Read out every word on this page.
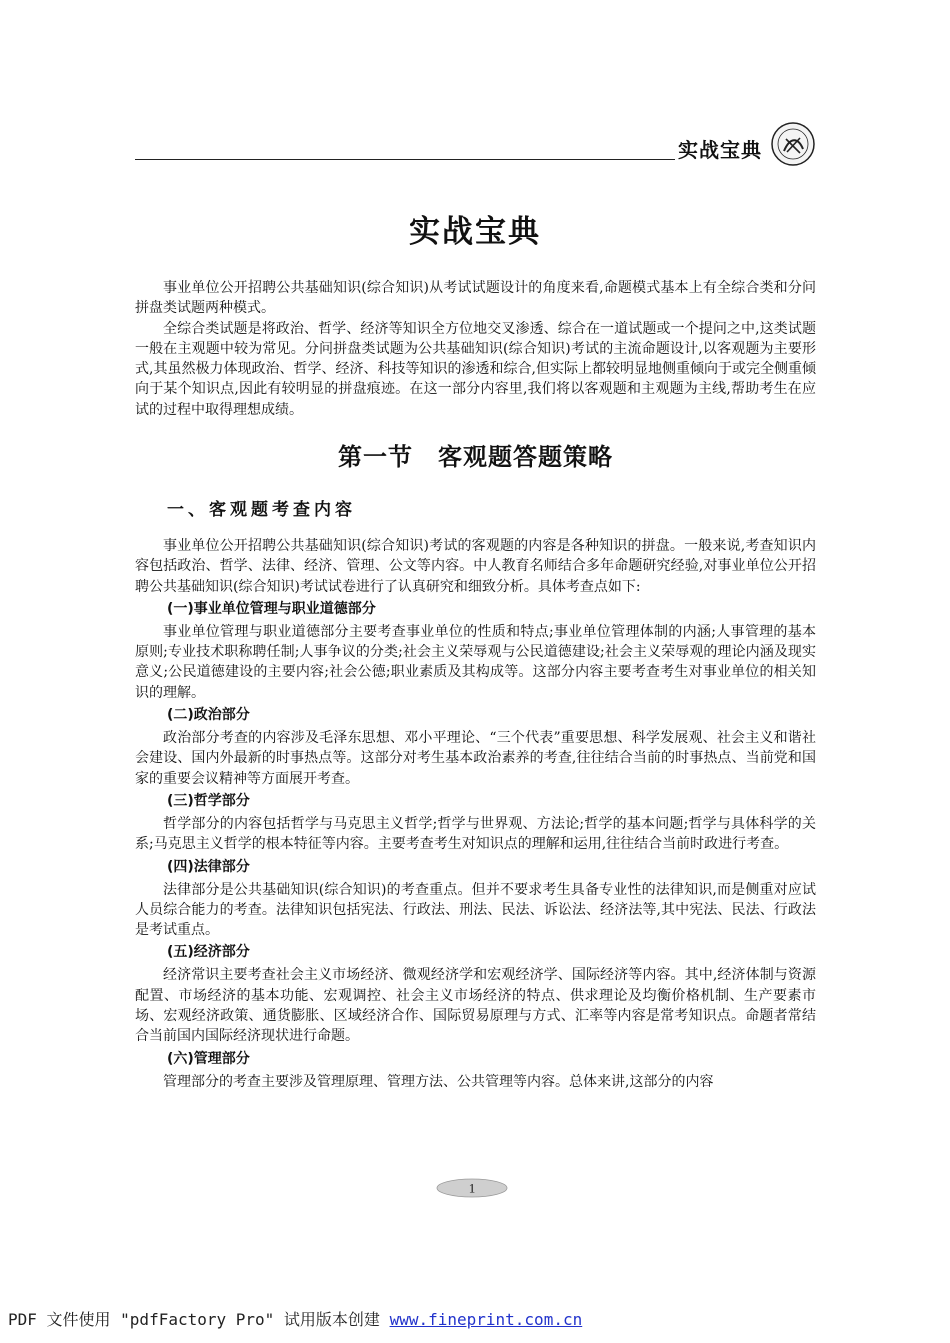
实战宝典
实战宝典

事业单位公开招聘公共基础知识(综合知识)从考试试题设计的角度来看,命题模式基本上有全综合类和分问拼盘类试题两种模式。

全综合类试题是将政治、哲学、经济等知识全方位地交叉渗透、综合在一道试题或一个提问之中,这类试题一般在主观题中较为常见。分问拼盘类试题为公共基础知识(综合知识)考试的主流命题设计,以客观题为主要形式,其虽然极力体现政治、哲学、经济、科技等知识的渗透和综合,但实际上都较明显地侧重倾向于或完全侧重倾向于某个知识点,因此有较明显的拼盘痕迹。在这一部分内容里,我们将以客观题和主观题为主线,帮助考生在应试的过程中取得理想成绩。

第一节　客观题答题策略
一、客观题考查内容

事业单位公开招聘公共基础知识(综合知识)考试的客观题的内容是各种知识的拼盘。一般来说,考查知识内容包括政治、哲学、法律、经济、管理、公文等内容。中人教育名师结合多年命题研究经验,对事业单位公开招聘公共基础知识(综合知识)考试试卷进行了认真研究和细致分析。具体考查点如下:

(一)事业单位管理与职业道德部分

事业单位管理与职业道德部分主要考查事业单位的性质和特点;事业单位管理体制的内涵;人事管理的基本原则;专业技术职称聘任制;人事争议的分类;社会主义荣辱观与公民道德建设;社会主义荣辱观的理论内涵及现实意义;公民道德建设的主要内容;社会公德;职业素质及其构成等。这部分内容主要考查考生对事业单位的相关知识的理解。

(二)政治部分

政治部分考查的内容涉及毛泽东思想、邓小平理论、“三个代表”重要思想、科学发展观、社会主义和谐社会建设、国内外最新的时事热点等。这部分对考生基本政治素养的考查,往往结合当前的时事热点、当前党和国家的重要会议精神等方面展开考查。

(三)哲学部分

哲学部分的内容包括哲学与马克思主义哲学;哲学与世界观、方法论;哲学的基本问题;哲学与具体科学的关系;马克思主义哲学的根本特征等内容。主要考查考生对知识点的理解和运用,往往结合当前时政进行考查。

(四)法律部分

法律部分是公共基础知识(综合知识)的考查重点。但并不要求考生具备专业性的法律知识,而是侧重对应试人员综合能力的考查。法律知识包括宪法、行政法、刑法、民法、诉讼法、经济法等,其中宪法、民法、行政法是考试重点。

(五)经济部分

经济常识主要考查社会主义市场经济、微观经济学和宏观经济学、国际经济等内容。其中,经济体制与资源配置、市场经济的基本功能、宏观调控、社会主义市场经济的特点、供求理论及均衡价格机制、生产要素市场、宏观经济政策、通货膨胀、区域经济合作、国际贸易原理与方式、汇率等内容是常考知识点。命题者常结合当前国内国际经济现状进行命题。

(六)管理部分

管理部分的考查主要涉及管理原理、管理方法、公共管理等内容。总体来讲,这部分的内容

1
PDF 文件使用 "pdfFactory Pro" 试用版本创建 www.fineprint.com.cn
